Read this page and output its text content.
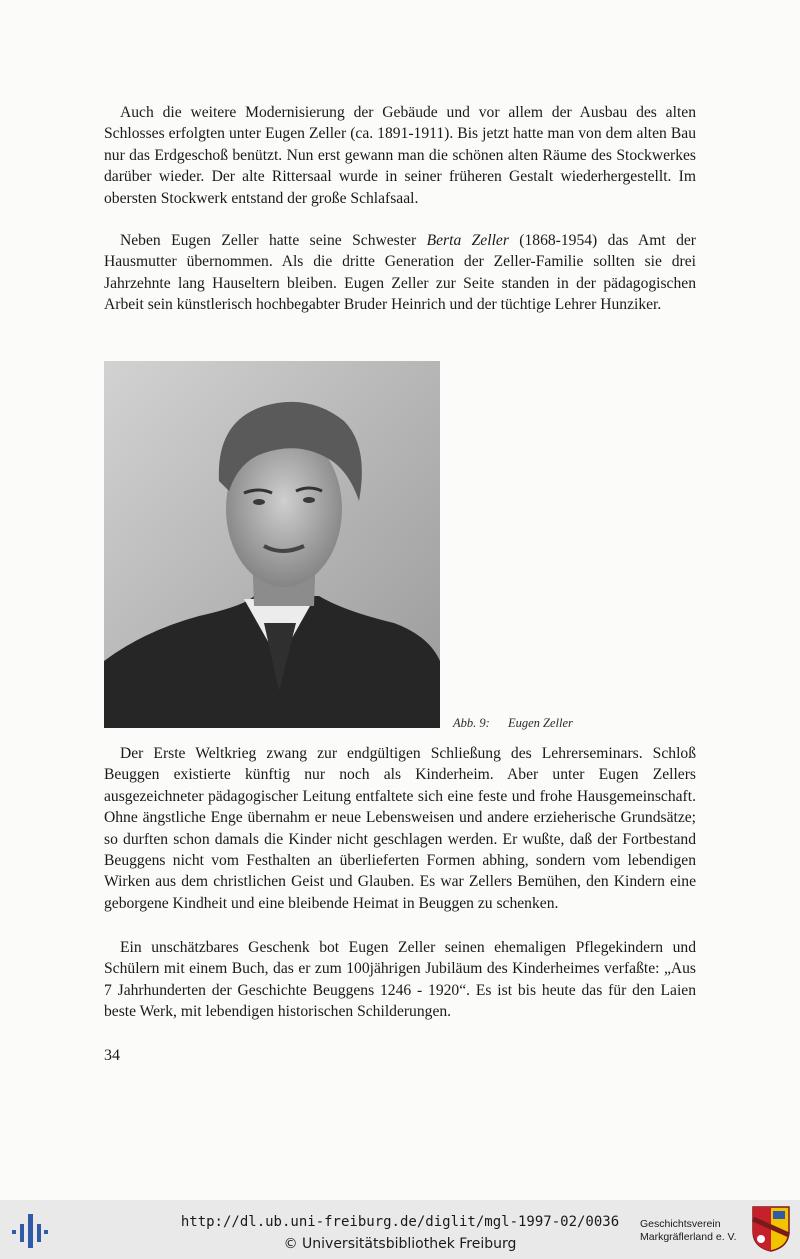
Auch die weitere Modernisierung der Gebäude und vor allem der Ausbau des alten Schlosses erfolgten unter Eugen Zeller (ca. 1891-1911). Bis jetzt hatte man von dem alten Bau nur das Erdgeschoß benützt. Nun erst gewann man die schönen alten Räume des Stockwerkes darüber wieder. Der alte Rittersaal wurde in seiner früheren Gestalt wiederhergestellt. Im obersten Stockwerk entstand der große Schlafsaal.

Neben Eugen Zeller hatte seine Schwester Berta Zeller (1868-1954) das Amt der Hausmutter übernommen. Als die dritte Generation der Zeller-Familie sollten sie drei Jahrzehnte lang Hauseltern bleiben. Eugen Zeller zur Seite standen in der pädagogischen Arbeit sein künstlerisch hochbegabter Bruder Heinrich und der tüchtige Lehrer Hunziker.

Abb. 9: Eugen Zeller

Der Erste Weltkrieg zwang zur endgültigen Schließung des Lehrerseminars. Schloß Beuggen existierte künftig nur noch als Kinderheim. Aber unter Eugen Zellers ausgezeichneter pädagogischer Leitung entfaltete sich eine feste und frohe Hausgemeinschaft. Ohne ängstliche Enge übernahm er neue Lebensweisen und andere erzieherische Grundsätze; so durften schon damals die Kinder nicht geschlagen werden. Er wußte, daß der Fortbestand Beuggens nicht vom Festhalten an überlieferten Formen abhing, sondern vom lebendigen Wirken aus dem christlichen Geist und Glauben. Es war Zellers Bemühen, den Kindern eine geborgene Kindheit und eine bleibende Heimat in Beuggen zu schenken.

Ein unschätzbares Geschenk bot Eugen Zeller seinen ehemaligen Pflegekindern und Schülern mit einem Buch, das er zum 100jährigen Jubiläum des Kinderheimes verfaßte: „Aus 7 Jahrhunderten der Geschichte Beuggens 1246 - 1920“. Es ist bis heute das für den Laien beste Werk, mit lebendigen historischen Schilderungen.

34
http://dl.ub.uni-freiburg.de/diglit/mgl-1997-02/0036
© Universitätsbibliothek Freiburg
Geschichtsverein
Markgräflerland e. V.
